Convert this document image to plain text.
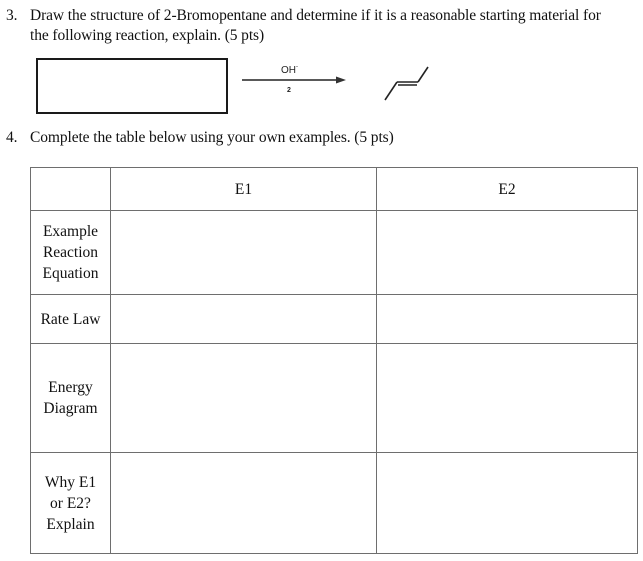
3. Draw the structure of 2-Bromopentane and determine if it is a reasonable starting material for
the following reaction, explain. (5 pts)
OH-
2
4. Complete the table below using your own examples. (5 pts)
	E1	E2

Example
Reaction
Equation		

Rate Law		

Energy
Diagram		

Why E1
or E2?
Explain		
